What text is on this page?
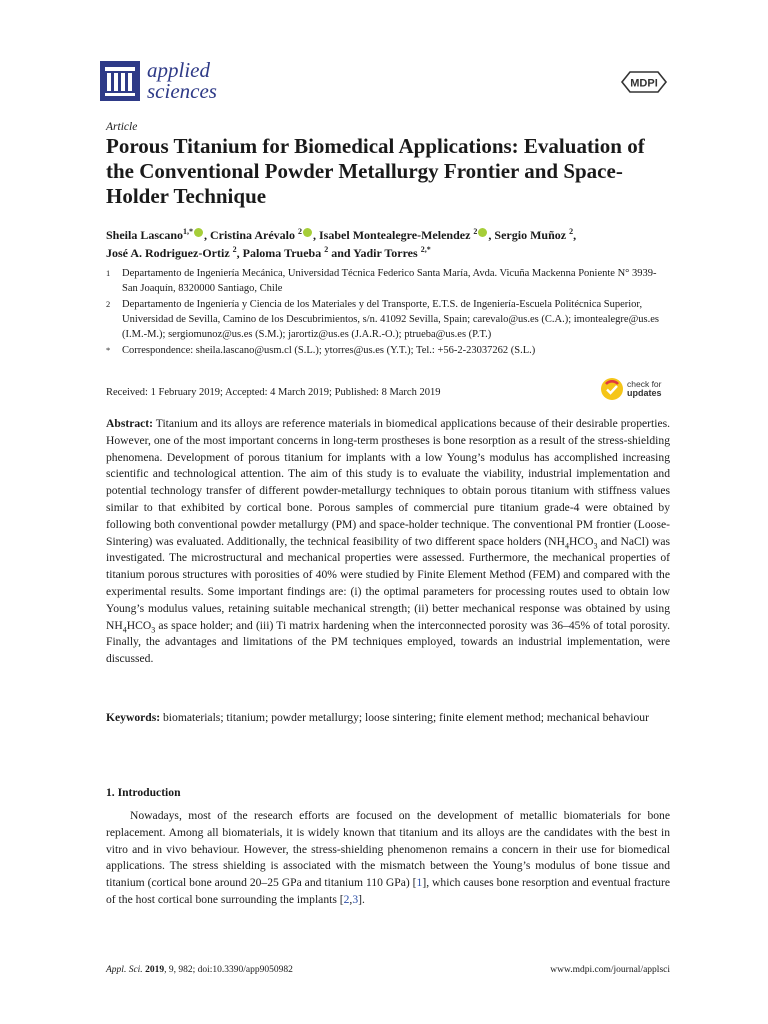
applied
sciences	MDPI
Article
Porous Titanium for Biomedical Applications: Evaluation of the Conventional Powder Metallurgy Frontier and Space-Holder Technique
Sheila Lascano$^{1,*}$ , Cristina Arévalo $^2$ , Isabel Montealegre-Melendez $^2$ , Sergio Muñoz $^2$,
José A. Rodriguez-Ortiz $^2$, Paloma Trueba $^2$ and Yadir Torres $^{2,*}$
1	Departamento de Ingeniería Mecánica, Universidad Técnica Federico Santa María, Avda. Vicuña Mackenna Poniente N° 3939- San Joaquín, 8320000 Santiago, Chile
2	Departamento de Ingeniería y Ciencia de los Materiales y del Transporte, E.T.S. de Ingeniería-Escuela Politécnica Superior, Universidad de Sevilla, Camino de los Descubrimientos, s/n. 41092 Sevilla, Spain; carevalo@us.es (C.A.); imontealegre@us.es (I.M.-M.); sergiomunoz@us.es (S.M.); jarortiz@us.es (J.A.R.-O.); ptrueba@us.es (P.T.)
*	Correspondence: sheila.lascano@usm.cl (S.L.); ytorres@us.es (Y.T.); Tel.: +56-2-23037262 (S.L.)
Received: 1 February 2019; Accepted: 4 March 2019; Published: 8 March 2019
check for
updates
Abstract: Titanium and its alloys are reference materials in biomedical applications because of their desirable properties. However, one of the most important concerns in long-term prostheses is bone resorption as a result of the stress-shielding phenomena. Development of porous titanium for implants with a low Young’s modulus has accomplished increasing scientific and technological attention. The aim of this study is to evaluate the viability, industrial implementation and potential technology transfer of different powder-metallurgy techniques to obtain porous titanium with stiffness values similar to that exhibited by cortical bone. Porous samples of commercial pure titanium grade-4 were obtained by following both conventional powder metallurgy (PM) and space-holder technique. The conventional PM frontier (Loose-Sintering) was evaluated. Additionally, the technical feasibility of two different space holders ($NH_4HCO_3$ and NaCl) was investigated. The microstructural and mechanical properties were assessed. Furthermore, the mechanical properties of titanium porous structures with porosities of 40% were studied by Finite Element Method (FEM) and compared with the experimental results. Some important findings are: (i) the optimal parameters for processing routes used to obtain low Young’s modulus values, retaining suitable mechanical strength; (ii) better mechanical response was obtained by using $NH_4HCO_3$ as space holder; and (iii) Ti matrix hardening when the interconnected porosity was 36–45% of total porosity. Finally, the advantages and limitations of the PM techniques employed, towards an industrial implementation, were discussed.
Keywords: biomaterials; titanium; powder metallurgy; loose sintering; finite element method; mechanical behaviour
1. Introduction
Nowadays, most of the research efforts are focused on the development of metallic biomaterials for bone replacement. Among all biomaterials, it is widely known that titanium and its alloys are the candidates with the best in vitro and in vivo behaviour. However, the stress-shielding phenomenon remains a concern in their use for biomedical applications. The stress shielding is associated with the mismatch between the Young’s modulus of bone tissue and titanium (cortical bone around 20–25 GPa and titanium 110 GPa) [1], which causes bone resorption and eventual fracture of the host cortical bone surrounding the implants [2,3].
Appl. Sci. 2019, 9, 982; doi:10.3390/app9050982	www.mdpi.com/journal/applsci
